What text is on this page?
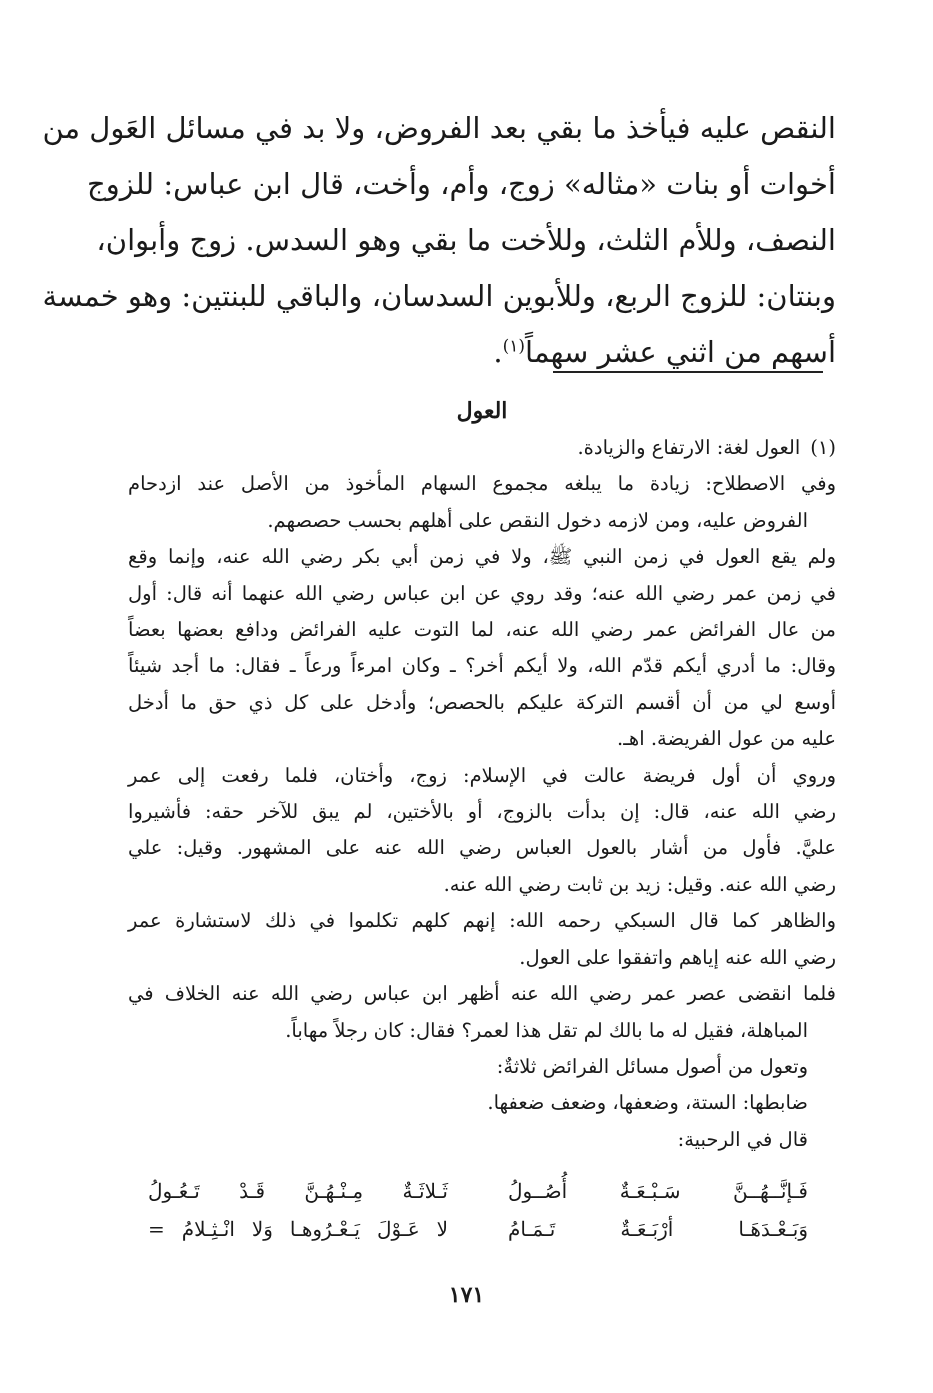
النقص عليه فيأخذ ما بقي بعد الفروض، ولا بد في مسائل العَول من
أخوات أو بنات «مثاله» زوج، وأم، وأخت، قال ابن عباس: للزوج
النصف، وللأم الثلث، وللأخت ما بقي وهو السدس. زوج وأبوان،
وبنتان: للزوج الربع، وللأبوين السدسان، والباقي للبنتين: وهو خمسة
أسهم من اثني عشر سهماً$^{(١)}$.
العول
(١)العول لغة: الارتفاع والزيادة.
وفي الاصطلاح: زيادة ما يبلغه مجموع السهام المأخوذ من الأصل عند ازدحام
الفروض عليه، ومن لازمه دخول النقص على أهلهم بحسب حصصهم.
ولم يقع العول في زمن النبي ﷺ، ولا في زمن أبي بكر رضي الله عنه، وإنما وقع
في زمن عمر رضي الله عنه؛ وقد روي عن ابن عباس رضي الله عنهما أنه قال: أول
من عال الفرائض عمر رضي الله عنه، لما التوت عليه الفرائض ودافع بعضها بعضاً
وقال: ما أدري أيكم قدّم الله، ولا أيكم أخر؟ ـ وكان امرءاً ورعاً ـ فقال: ما أجد شيئاً
أوسع لي من أن أقسم التركة عليكم بالحصص؛ وأدخل على كل ذي حق ما أدخل
عليه من عول الفريضة. اهـ.
وروي أن أول فريضة عالت في الإسلام: زوج، وأختان، فلما رفعت إلى عمر
رضي الله عنه، قال: إن بدأت بالزوج، أو بالأختين، لم يبق للآخر حقه: فأشيروا
عليَّ. فأول من أشار بالعول العباس رضي الله عنه على المشهور. وقيل: علي
رضي الله عنه. وقيل: زيد بن ثابت رضي الله عنه.
والظاهر كما قال السبكي رحمه الله: إنهم كلهم تكلموا في ذلك لاستشارة عمر
رضي الله عنه إياهم واتفقوا على العول.
فلما انقضى عصر عمر رضي الله عنه أظهر ابن عباس رضي الله عنه الخلاف في
المباهلة، فقيل له ما بالك لم تقل هذا لعمر؟ فقال: كان رجلاً مهاباً.
وتعول من أصول مسائل الفرائض ثلاثةٌ:
ضابطها: الستة، وضعفها، وضعف ضعفها.
قال في الرحبية:
فَـإنَّــهُــنَّ سَـبْـعَـةٌ أُصُــولُ
ثَـلاثَـةٌ مِـنْـهُـنَّ قَـدْ تَـعُـولُ
وَبَـعْـدَهَـا أرْبَـعَـةٌ تَـمَـامُ
لا عَـوْلَ يَـعْـرُوهـا وَلا انْـثِـلامُ =
١٧١
